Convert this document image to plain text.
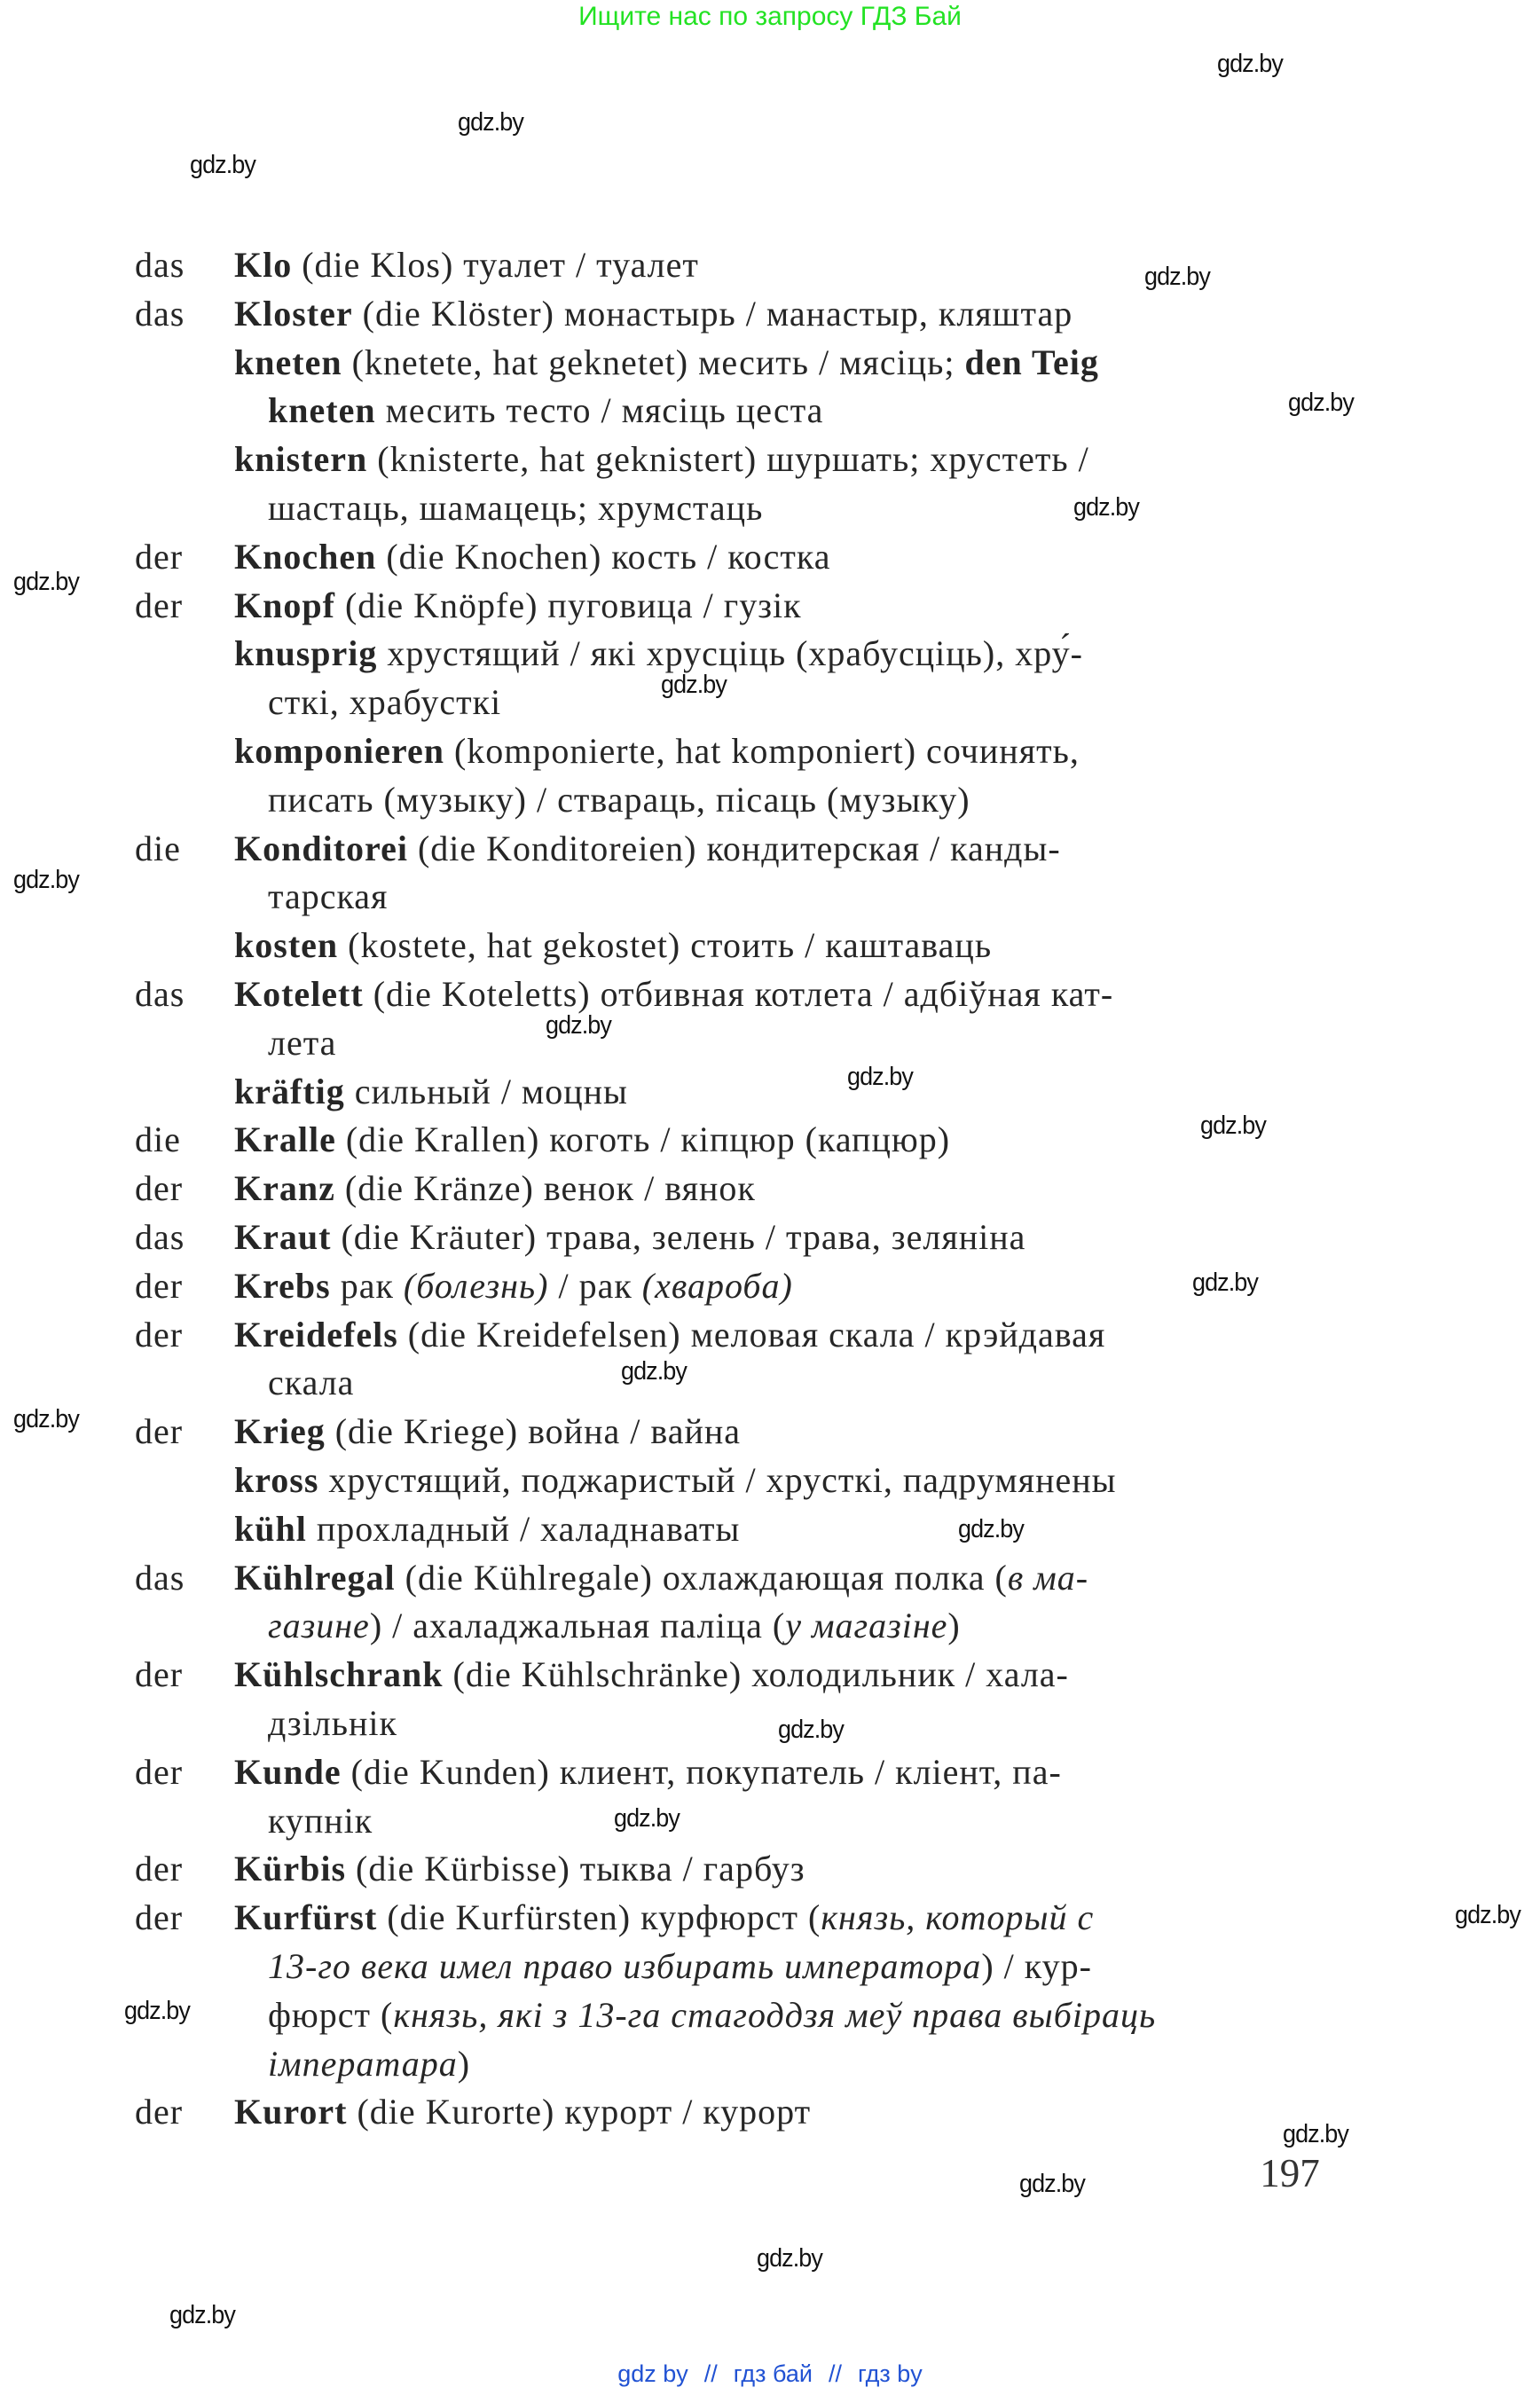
Ищите нас по запросу ГДЗ Бай
gdz.by
gdz.by
gdz.by
gdz.by
gdz.by
gdz.by
gdz.by
gdz.by
gdz.by
gdz.by
gdz.by
gdz.by
gdz.by
gdz.by
gdz.by
gdz.by
gdz.by
gdz.by
gdz.by
gdz.by
gdz.by
gdz.by
gdz.by
gdz.by
das Klo (die Klos) туалет / туалет
das Kloster (die Klöster) монастырь / манастыр, кляштар
kneten (knetete, hat geknetet) месить / мясіць; den Teig
kneten месить тесто / мясіць цеста
knistern (knisterte, hat geknistert) шуршать; хрустеть /
шастаць, шамацець; хрумстаць
der Knochen (die Knochen) кость / костка
der Knopf (die Knöpfe) пуговица / гузік
knusprig хрустящий / які хрусціць (храбусціць), хру́-
сткі, храбусткі
komponieren (komponierte, hat komponiert) сочинять,
писать (музыку) / ствараць, пісаць (музыку)
die Konditorei (die Konditoreien) кондитерская / канды-
тарская
kosten (kostete, hat gekostet) стоить / каштаваць
das Kotelett (die Koteletts) отбивная котлета / адбіўная кат-
лета
kräftig сильный / моцны
die Kralle (die Krallen) коготь / кіпцюр (капцюр)
der Kranz (die Kränze) венок / вянок
das Kraut (die Kräuter) трава, зелень / трава, зеляніна
der Krebs рак (болезнь) / рак (хвароба)
der Kreidefels (die Kreidefelsen) меловая скала / крэйдавая
скала
der Krieg (die Kriege) война / вайна
kross хрустящий, поджаристый / хрусткі, падрумянены
kühl прохладный / халаднаваты
das Kühlregal (die Kühlregale) охлаждающая полка (в ма-
газине) / ахаладжальная паліца (у магазіне)
der Kühlschrank (die Kühlschränke) холодильник / хала-
дзільнік
der Kunde (die Kunden) клиент, покупатель / кліент, па-
купнік
der Kürbis (die Kürbisse) тыква / гарбуз
der Kurfürst (die Kurfürsten) курфюрст (князь, который с
13-го века имел право избирать императора) / кур-
фюрст (князь, які з 13-га стагоддзя меў права выбіраць
імператара)
der Kurort (die Kurorte) курорт / курорт
197
gdz by // гдз бай // гдз by
